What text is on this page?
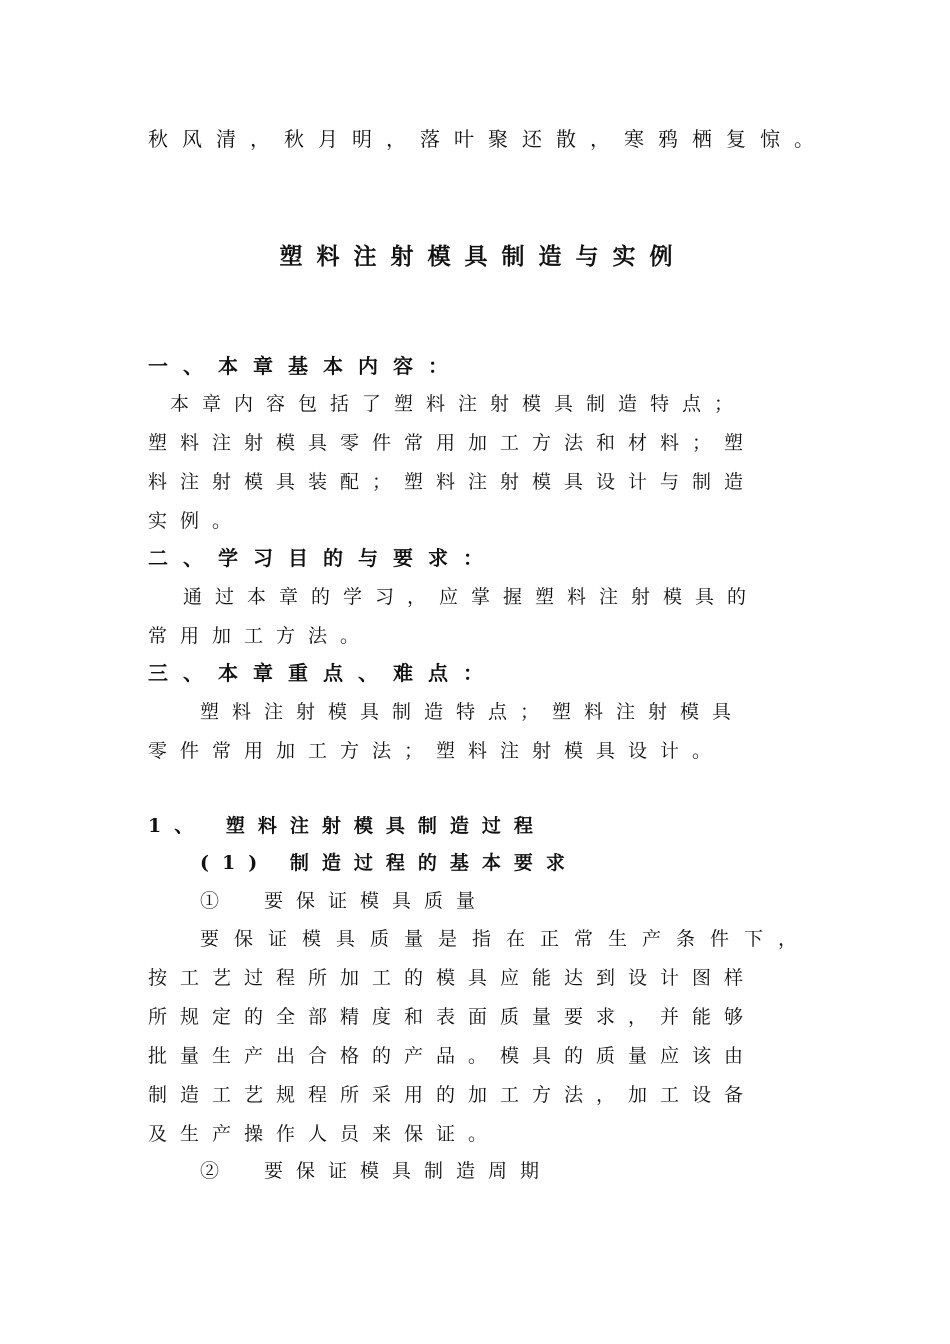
秋风清，秋月明，落叶聚还散，寒鸦栖复惊。
塑料注射模具制造与实例
一、本章基本内容：
本章内容包括了塑料注射模具制造特点；
塑料注射模具零件常用加工方法和材料；塑
料注射模具装配；塑料注射模具设计与制造
实例。
二、学习目的与要求：
通过本章的学习，应掌握塑料注射模具的
常用加工方法。
三、本章重点、难点：
塑料注射模具制造特点；塑料注射模具
零件常用加工方法；塑料注射模具设计。
1、 塑料注射模具制造过程
(1) 制造过程的基本要求
①　要保证模具质量
要保证模具质量是指在正常生产条件下，
按工艺过程所加工的模具应能达到设计图样
所规定的全部精度和表面质量要求，并能够
批量生产出合格的产品。模具的质量应该由
制造工艺规程所采用的加工方法，加工设备
及生产操作人员来保证。
②　要保证模具制造周期
